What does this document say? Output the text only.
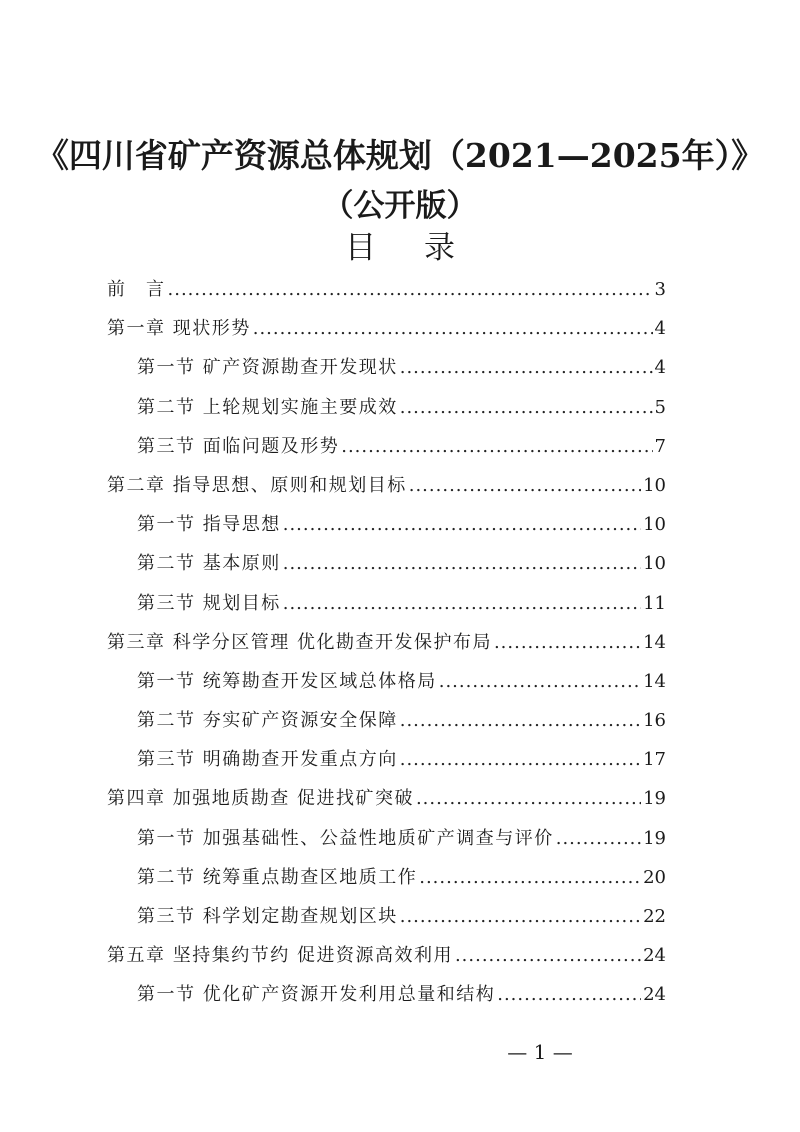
《四川省矿产资源总体规划（2021—2025年）》
（公开版）
目录
前　言 .....	3
第一章 现状形势 .....	4
第一节 矿产资源勘查开发现状 .....	4
第二节 上轮规划实施主要成效 .....	5
第三节 面临问题及形势 .....	7
第二章 指导思想、原则和规划目标 .....	10
第一节 指导思想 .....	10
第二节 基本原则 .....	10
第三节 规划目标 .....	11
第三章 科学分区管理 优化勘查开发保护布局 .....	14
第一节 统筹勘查开发区域总体格局 .....	14
第二节 夯实矿产资源安全保障 .....	16
第三节 明确勘查开发重点方向 .....	17
第四章 加强地质勘查 促进找矿突破 .....	19
第一节 加强基础性、公益性地质矿产调查与评价 .....	19
第二节 统筹重点勘查区地质工作 .....	20
第三节 科学划定勘查规划区块 .....	22
第五章 坚持集约节约 促进资源高效利用 .....	24
第一节 优化矿产资源开发利用总量和结构 .....	24
— 1 —
